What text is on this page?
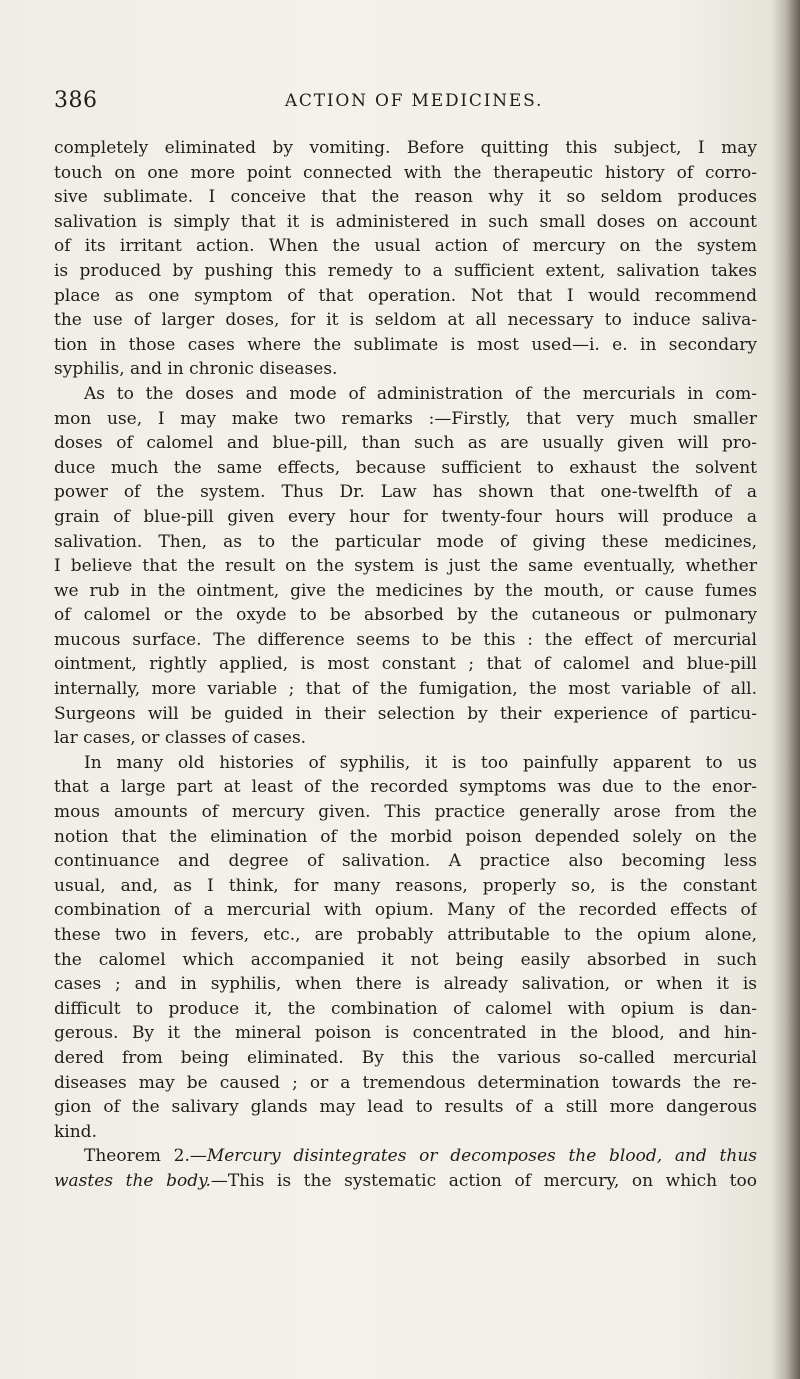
386	ACTION OF MEDICINES.
completely eliminated by vomiting. Before quitting this subject, I may
touch on one more point connected with the therapeutic history of corro-
sive sublimate. I conceive that the reason why it so seldom produces
salivation is simply that it is administered in such small doses on account
of its irritant action. When the usual action of mercury on the system
is produced by pushing this remedy to a sufficient extent, salivation takes
place as one symptom of that operation. Not that I would recommend
the use of larger doses, for it is seldom at all necessary to induce saliva-
tion in those cases where the sublimate is most used—i. e. in secondary
syphilis, and in chronic diseases.
As to the doses and mode of administration of the mercurials in com-
mon use, I may make two remarks :—Firstly, that very much smaller
doses of calomel and blue-pill, than such as are usually given will pro-
duce much the same effects, because sufficient to exhaust the solvent
power of the system. Thus Dr. Law has shown that one-twelfth of a
grain of blue-pill given every hour for twenty-four hours will produce a
salivation. Then, as to the particular mode of giving these medicines,
I believe that the result on the system is just the same eventually, whether
we rub in the ointment, give the medicines by the mouth, or cause fumes
of calomel or the oxyde to be absorbed by the cutaneous or pulmonary
mucous surface. The difference seems to be this : the effect of mercurial
ointment, rightly applied, is most constant ; that of calomel and blue-pill
internally, more variable ; that of the fumigation, the most variable of all.
Surgeons will be guided in their selection by their experience of particu-
lar cases, or classes of cases.
In many old histories of syphilis, it is too painfully apparent to us
that a large part at least of the recorded symptoms was due to the enor-
mous amounts of mercury given. This practice generally arose from the
notion that the elimination of the morbid poison depended solely on the
continuance and degree of salivation. A practice also becoming less
usual, and, as I think, for many reasons, properly so, is the constant
combination of a mercurial with opium. Many of the recorded effects of
these two in fevers, etc., are probably attributable to the opium alone,
the calomel which accompanied it not being easily absorbed in such
cases ; and in syphilis, when there is already salivation, or when it is
difficult to produce it, the combination of calomel with opium is dan-
gerous. By it the mineral poison is concentrated in the blood, and hin-
dered from being eliminated. By this the various so-called mercurial
diseases may be caused ; or a tremendous determination towards the re-
gion of the salivary glands may lead to results of a still more dangerous
kind.
Theorem 2.—Mercury disintegrates or decomposes the blood, and thus
wastes the body.—This is the systematic action of mercury, on which too
